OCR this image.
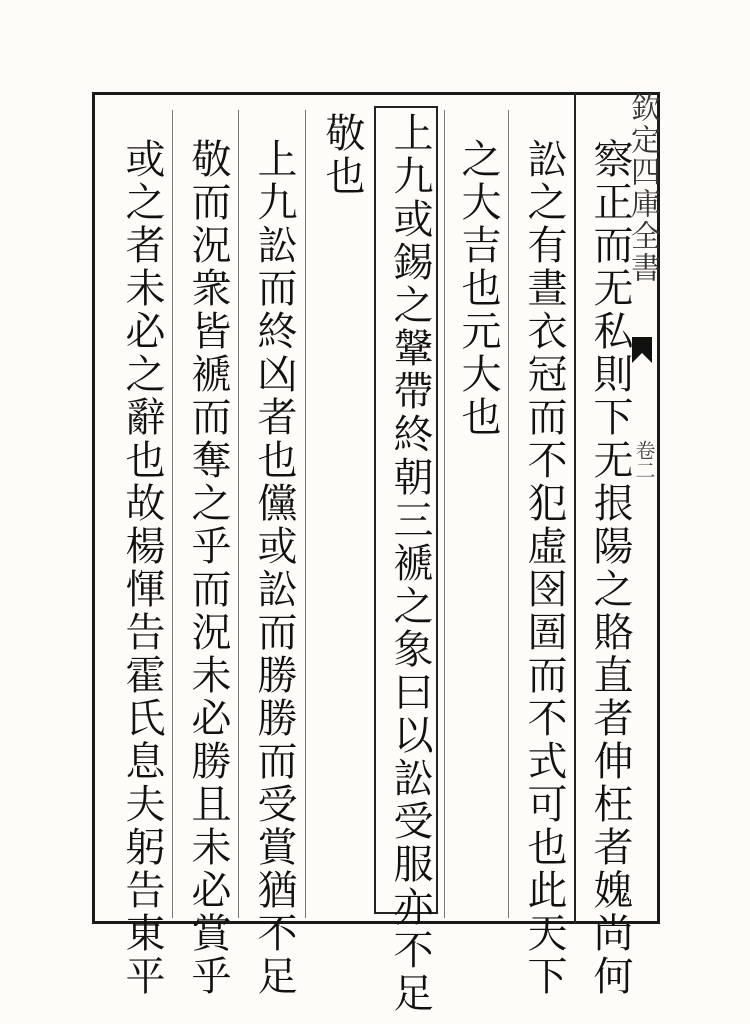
欽定四庫全書
卷二
察正而无私則下无拫陽之賂直者伸枉者媿尚何
訟之有晝衣冠而不犯虛囹圄而不式可也此天下
之大吉也元大也
上九或錫之鞶帶終朝三褫之象曰以訟受服亦不足
敬也
上九訟而終凶者也儻或訟而勝勝而受賞猶不足
敬而況衆皆褫而奪之乎而況未必勝且未必賞乎
或之者未必之辭也故楊惲告霍氏息夫躬告東平
